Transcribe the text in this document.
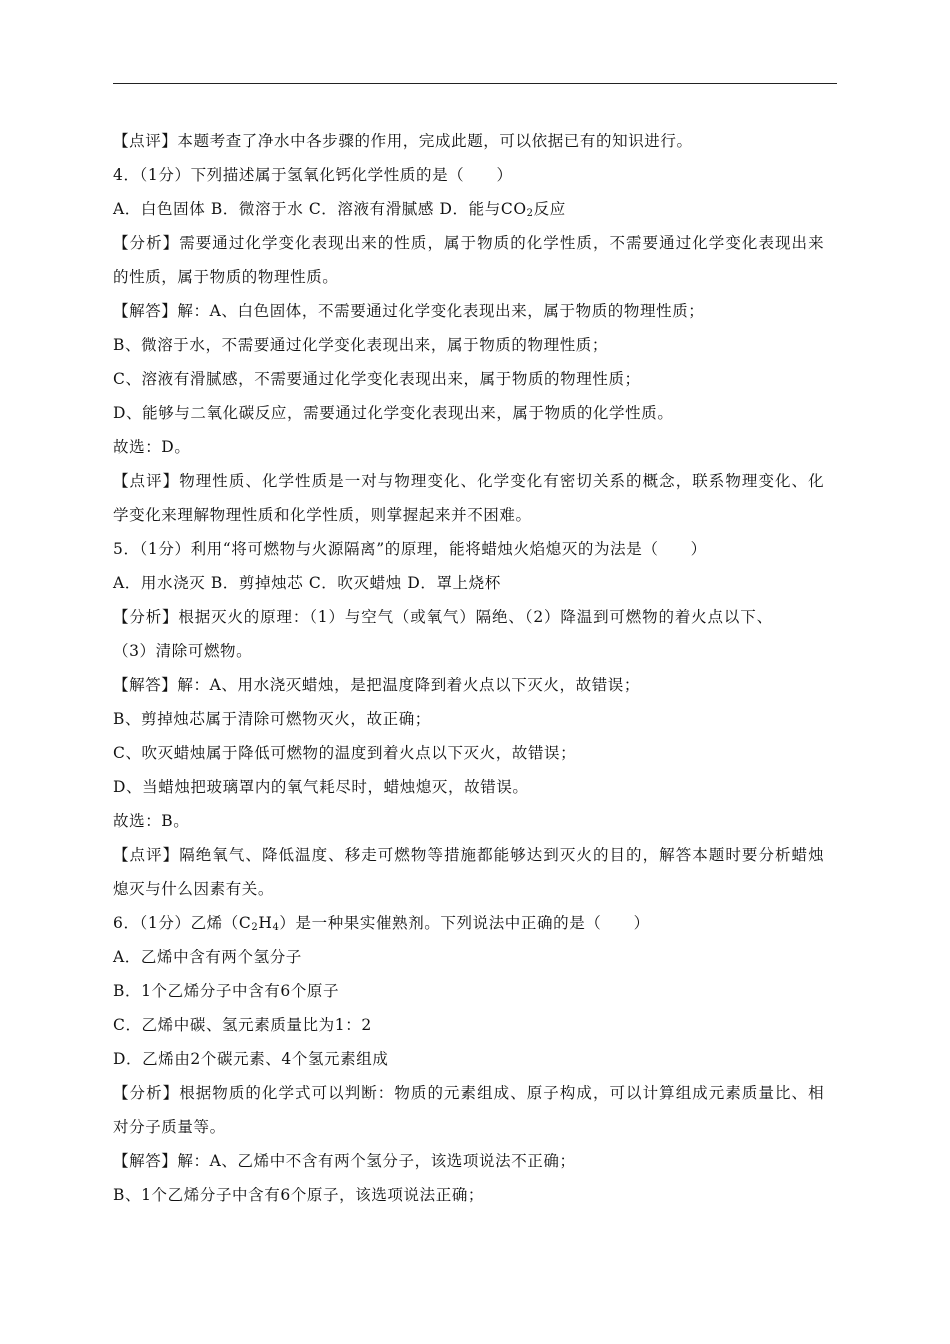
【点评】本题考查了净水中各步骤的作用，完成此题，可以依据已有的知识进行。
4．（1分）下列描述属于氢氧化钙化学性质的是（　　）
A．白色固体 B．微溶于水 C．溶液有滑腻感 D．能与$CO_2$反应
【分析】需要通过化学变化表现出来的性质，属于物质的化学性质，不需要通过化学变化表现出来
的性质，属于物质的物理性质。
【解答】解：A、白色固体，不需要通过化学变化表现出来，属于物质的物理性质；
B、微溶于水，不需要通过化学变化表现出来，属于物质的物理性质；
C、溶液有滑腻感，不需要通过化学变化表现出来，属于物质的物理性质；
D、能够与二氧化碳反应，需要通过化学变化表现出来，属于物质的化学性质。
故选：D。
【点评】物理性质、化学性质是一对与物理变化、化学变化有密切关系的概念，联系物理变化、化
学变化来理解物理性质和化学性质，则掌握起来并不困难。
5．（1分）利用“将可燃物与火源隔离”的原理，能将蜡烛火焰熄灭的为法是（　　）
A．用水浇灭 B．剪掉烛芯 C．吹灭蜡烛 D．罩上烧杯
【分析】根据灭火的原理：（1）与空气（或氧气）隔绝、（2）降温到可燃物的着火点以下、
（3）清除可燃物。
【解答】解：A、用水浇灭蜡烛，是把温度降到着火点以下灭火，故错误；
B、剪掉烛芯属于清除可燃物灭火，故正确；
C、吹灭蜡烛属于降低可燃物的温度到着火点以下灭火，故错误；
D、当蜡烛把玻璃罩内的氧气耗尽时，蜡烛熄灭，故错误。
故选：B。
【点评】隔绝氧气、降低温度、移走可燃物等措施都能够达到灭火的目的，解答本题时要分析蜡烛
熄灭与什么因素有关。
6．（1分）乙烯$(C_2H_4)$是一种果实催熟剂。下列说法中正确的是（　　）
A．乙烯中含有两个氢分子
B．1个乙烯分子中含有6个原子
C．乙烯中碳、氢元素质量比为1：2
D．乙烯由2个碳元素、4个氢元素组成
【分析】根据物质的化学式可以判断：物质的元素组成、原子构成，可以计算组成元素质量比、相
对分子质量等。
【解答】解：A、乙烯中不含有两个氢分子，该选项说法不正确；
B、1个乙烯分子中含有6个原子，该选项说法正确；
